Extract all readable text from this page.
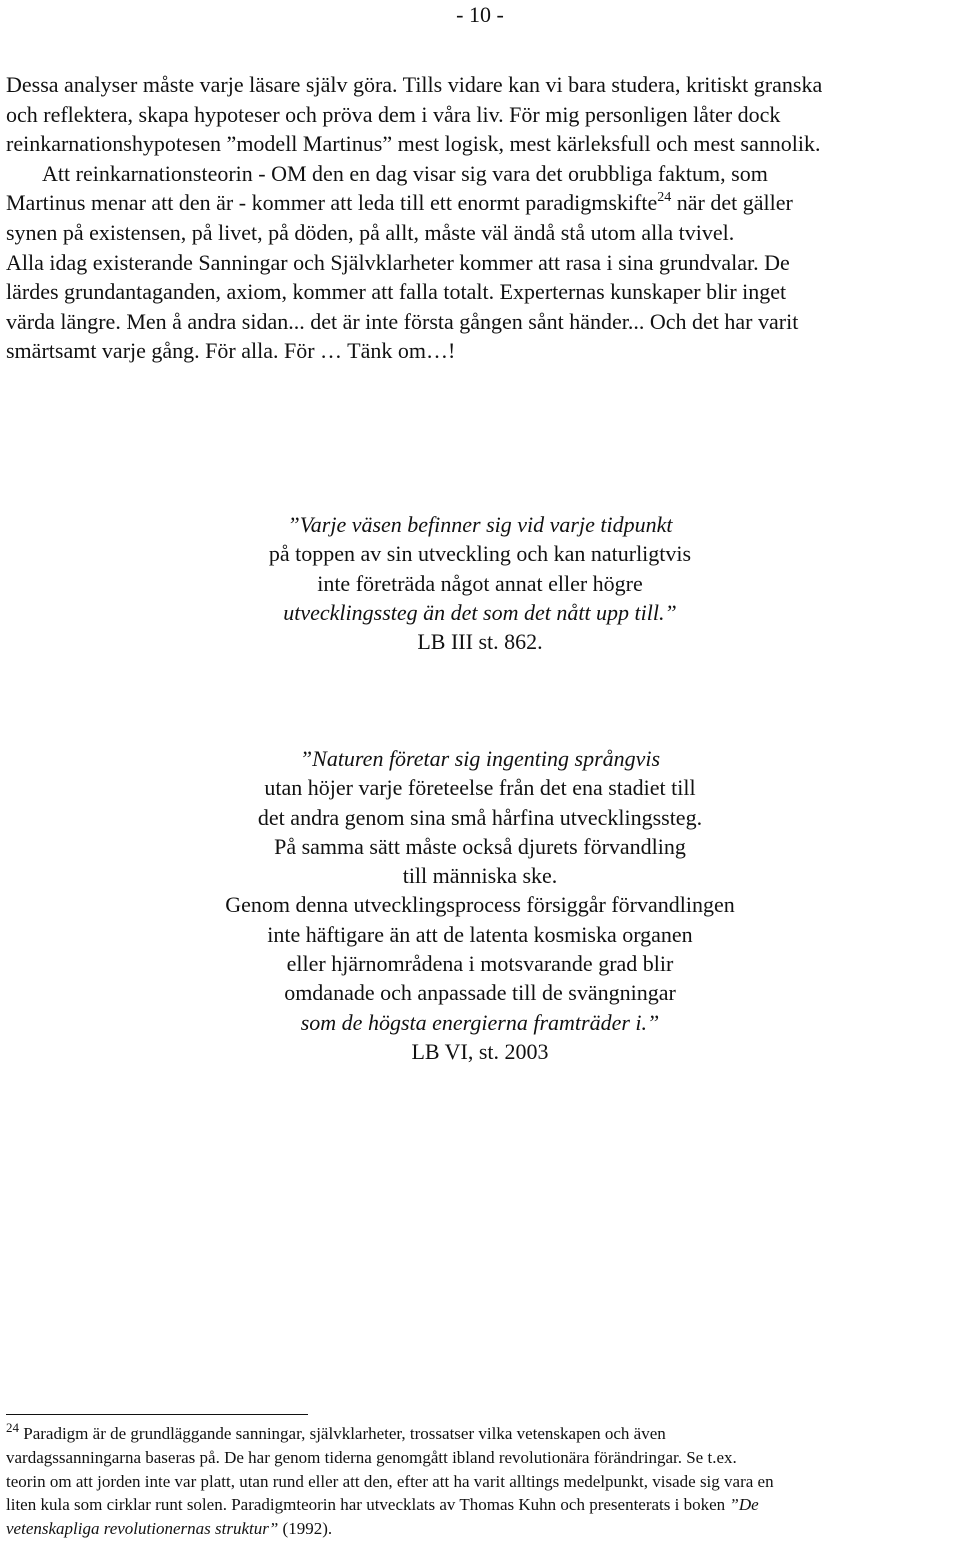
- 10 -
Dessa analyser måste varje läsare själv göra. Tills vidare kan vi bara studera, kritiskt granska
och reflektera, skapa hypoteser och pröva dem i våra liv. För mig personligen låter dock
reinkarnationshypotesen ”modell Martinus” mest logisk, mest kärleksfull och mest sannolik.
Att reinkarnationsteorin - OM den en dag visar sig vara det orubbliga faktum, som
Martinus menar att den är - kommer att leda till ett enormt paradigmskifte$^{24}$ när det gäller
synen på existensen, på livet, på döden, på allt, måste väl ändå stå utom alla tvivel.
Alla idag existerande Sanningar och Självklarheter kommer att rasa i sina grundvalar. De
lärdes grundantaganden, axiom, kommer att falla totalt. Experternas kunskaper blir inget
värda längre. Men å andra sidan... det är inte första gången sånt händer... Och det har varit
smärtsamt varje gång. För alla. För … Tänk om…!
”Varje väsen befinner sig vid varje tidpunkt
på toppen av sin utveckling och kan naturligtvis
inte företräda något annat eller högre
utvecklingssteg än det som det nått upp till.”
LB III st. 862.
”Naturen företar sig ingenting språngvis
utan höjer varje företeelse från det ena stadiet till
det andra genom sina små hårfina utvecklingssteg.
På samma sätt måste också djurets förvandling
till människa ske.
Genom denna utvecklingsprocess försiggår förvandlingen
inte häftigare än att de latenta kosmiska organen
eller hjärnområdena i motsvarande grad blir
omdanade och anpassade till de svängningar
som de högsta energierna framträder i.”
LB VI, st. 2003
$^{24}$ Paradigm är de grundläggande sanningar, självklarheter, trossatser vilka vetenskapen och även
vardagssanningarna baseras på. De har genom tiderna genomgått ibland revolutionära förändringar. Se t.ex.
teorin om att jorden inte var platt, utan rund eller att den, efter att ha varit alltings medelpunkt, visade sig vara en
liten kula som cirklar runt solen. Paradigmteorin har utvecklats av Thomas Kuhn och presenterats i boken ”De
vetenskapliga revolutionernas struktur” (1992).
